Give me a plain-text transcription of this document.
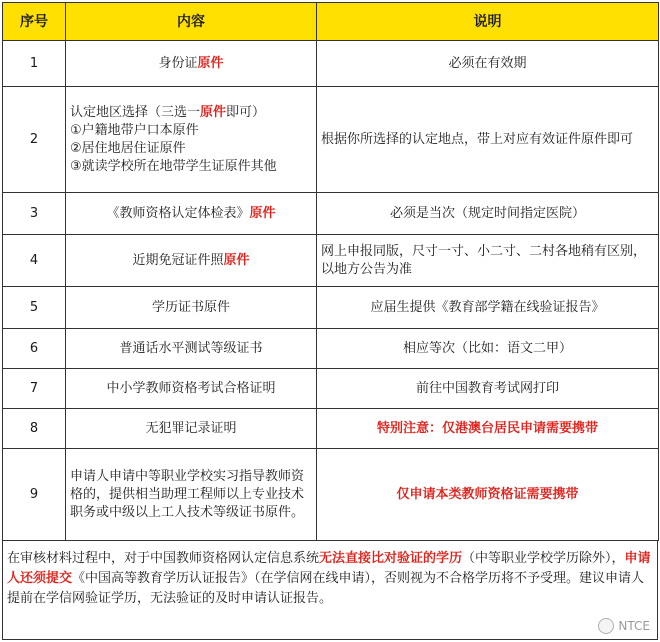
序号	内容	说明
1	身份证原件	必须在有效期
2	认定地区选择（三选一原件即可）
①户籍地带户口本原件
②居住地居住证原件
③就读学校所在地带学生证原件其他	根据你所选择的认定地点，带上对应有效证件原件即可
3	《教师资格认定体检表》原件	必须是当次（规定时间指定医院）
4	近期免冠证件照原件	网上申报同版，尺寸一寸、小二寸、二村各地稍有区别，以地方公告为准
5	学历证书原件	应届生提供《教育部学籍在线验证报告》
6	普通话水平测试等级证书	相应等次（比如：语文二甲）
7	中小学教师资格考试合格证明	前往中国教育考试网打印
8	无犯罪记录证明	特别注意：仅港澳台居民申请需要携带
9	申请人申请中等职业学校实习指导教师资格的，提供相当助理工程师以上专业技术职务或中级以上工人技术等级证书原件。	仅申请本类教师资格证需要携带
在审核材料过程中，对于中国教师资格网认定信息系统无法直接比对验证的学历（中等职业学校学历除外），申请人还须提交《中国高等教育学历认证报告》（在学信网在线申请），否则视为不合格学历将不予受理。建议申请人提前在学信网验证学历，无法验证的及时申请认证报告。
NTCE
